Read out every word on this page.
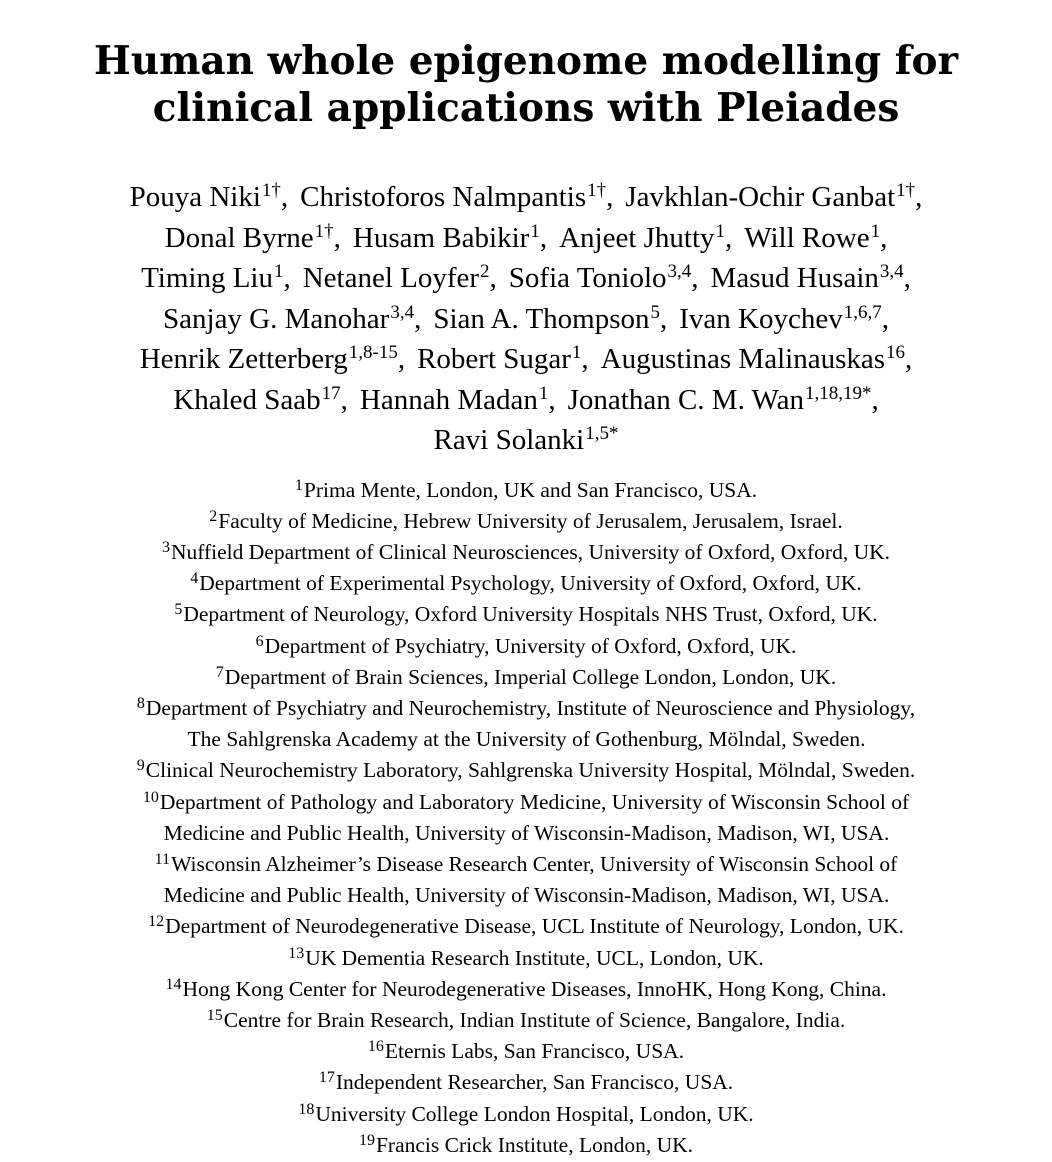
Human whole epigenome modelling for
clinical applications with Pleiades
Pouya Niki$^{1\dagger}$, Christoforos Nalmpantis$^{1\dagger}$, Javkhlan-Ochir Ganbat$^{1\dagger}$,
Donal Byrne$^{1\dagger}$, Husam Babikir$^1$, Anjeet Jhutty$^1$, Will Rowe$^1$,
Timing Liu$^1$, Netanel Loyfer$^2$, Sofia Toniolo$^{3,4}$, Masud Husain$^{3,4}$,
Sanjay G. Manohar$^{3,4}$, Sian A. Thompson$^5$, Ivan Koychev$^{1,6,7}$,
Henrik Zetterberg$^{1,8-15}$, Robert Sugar$^1$, Augustinas Malinauskas$^{16}$,
Khaled Saab$^{17}$, Hannah Madan$^1$, Jonathan C. M. Wan$^{1,18,19*}$,
Ravi Solanki$^{1,5*}$
$^1$Prima Mente, London, UK and San Francisco, USA.
$^2$Faculty of Medicine, Hebrew University of Jerusalem, Jerusalem, Israel.
$^3$Nuffield Department of Clinical Neurosciences, University of Oxford, Oxford, UK.
$^4$Department of Experimental Psychology, University of Oxford, Oxford, UK.
$^5$Department of Neurology, Oxford University Hospitals NHS Trust, Oxford, UK.
$^6$Department of Psychiatry, University of Oxford, Oxford, UK.
$^7$Department of Brain Sciences, Imperial College London, London, UK.
$^8$Department of Psychiatry and Neurochemistry, Institute of Neuroscience and Physiology,
The Sahlgrenska Academy at the University of Gothenburg, Mölndal, Sweden.
$^9$Clinical Neurochemistry Laboratory, Sahlgrenska University Hospital, Mölndal, Sweden.
$^{10}$Department of Pathology and Laboratory Medicine, University of Wisconsin School of
Medicine and Public Health, University of Wisconsin-Madison, Madison, WI, USA.
$^{11}$Wisconsin Alzheimer’s Disease Research Center, University of Wisconsin School of
Medicine and Public Health, University of Wisconsin-Madison, Madison, WI, USA.
$^{12}$Department of Neurodegenerative Disease, UCL Institute of Neurology, London, UK.
$^{13}$UK Dementia Research Institute, UCL, London, UK.
$^{14}$Hong Kong Center for Neurodegenerative Diseases, InnoHK, Hong Kong, China.
$^{15}$Centre for Brain Research, Indian Institute of Science, Bangalore, India.
$^{16}$Eternis Labs, San Francisco, USA.
$^{17}$Independent Researcher, San Francisco, USA.
$^{18}$University College London Hospital, London, UK.
$^{19}$Francis Crick Institute, London, UK.
